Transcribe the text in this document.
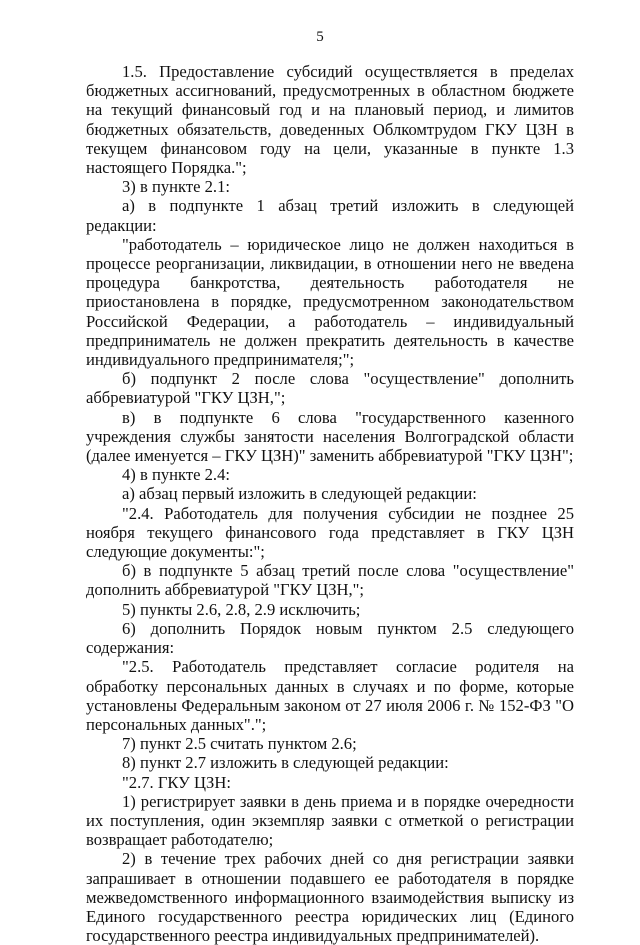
5

1.5. Предоставление субсидий осуществляется в пределах бюджетных ассигнований, предусмотренных в областном бюджете на текущий финансовый год и на плановый период, и лимитов бюджетных обязательств, доведенных Облкомтрудом ГКУ ЦЗН в текущем финансовом году на цели, указанные в пункте 1.3 настоящего Порядка.";

3) в пункте 2.1:

а) в подпункте 1 абзац третий изложить в следующей редакции:

"работодатель – юридическое лицо не должен находиться в процессе реорганизации, ликвидации, в отношении него не введена процедура банкротства, деятельность работодателя не приостановлена в порядке, предусмотренном законодательством Российской Федерации, а работодатель – индивидуальный предприниматель не должен прекратить деятельность в качестве индивидуального предпринимателя;";

б) подпункт 2 после слова "осуществление" дополнить аббревиатурой "ГКУ ЦЗН,";

в) в подпункте 6 слова "государственного казенного учреждения службы занятости населения Волгоградской области (далее именуется – ГКУ ЦЗН)" заменить аббревиатурой "ГКУ ЦЗН";

4) в пункте 2.4:

а) абзац первый изложить в следующей редакции:

"2.4. Работодатель для получения субсидии не позднее 25 ноября текущего финансового года представляет в ГКУ ЦЗН следующие документы:";

б) в подпункте 5 абзац третий после слова "осуществление" дополнить аббревиатурой "ГКУ ЦЗН,";

5) пункты 2.6, 2.8, 2.9 исключить;

6) дополнить Порядок новым пунктом 2.5 следующего содержания:

"2.5. Работодатель представляет согласие родителя на обработку персональных данных в случаях и по форме, которые установлены Федеральным законом от 27 июля 2006 г. № 152-ФЗ "О персональных данных".";

7) пункт 2.5 считать пунктом 2.6;

8) пункт 2.7 изложить в следующей редакции:

"2.7. ГКУ ЦЗН:

1) регистрирует заявки в день приема и в порядке очередности их поступления, один экземпляр заявки с отметкой о регистрации возвращает работодателю;

2) в течение трех рабочих дней со дня регистрации заявки запрашивает в отношении подавшего ее работодателя в порядке межведомственного информационного взаимодействия выписку из Единого государственного реестра юридических лиц (Единого государственного реестра индивидуальных предпринимателей).
